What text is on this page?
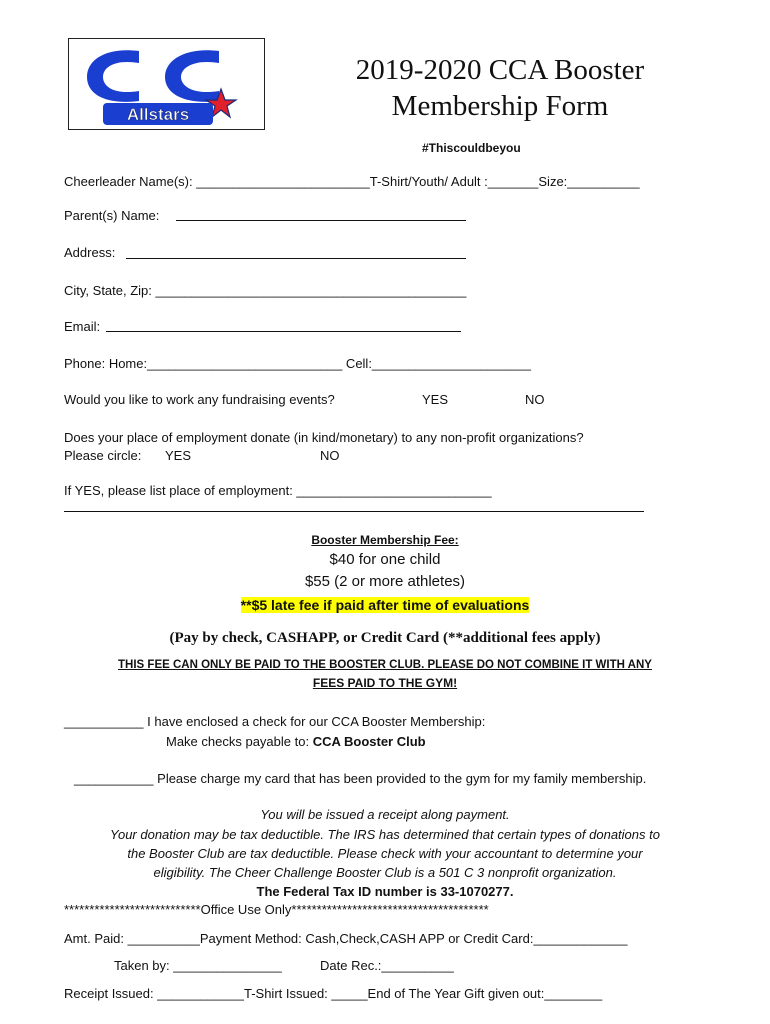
Allstars
2019-2020 CCA Booster
Membership Form
#Thiscouldbeyou
Cheerleader Name(s): ________________________T-Shirt/Youth/ Adult :_______Size:__________
Parent(s) Name:
Address:
City, State, Zip: ___________________________________________
Email:
Phone: Home:___________________________ Cell:______________________
Would you like to work any fundraising events?	YES	NO
Does your place of employment donate (in kind/monetary) to any non-profit organizations?
Please circle: YES	NO
If YES, please list place of employment: ___________________________
Booster Membership Fee:
$40 for one child
$55 (2 or more athletes)
**$5 late fee if paid after time of evaluations
(Pay by check, CASHAPP, or Credit Card (**additional fees apply)
THIS FEE CAN ONLY BE PAID TO THE BOOSTER CLUB. PLEASE DO NOT COMBINE IT WITH ANY
FEES PAID TO THE GYM!
___________ I have enclosed a check for our CCA Booster Membership:
Make checks payable to: CCA Booster Club
___________ Please charge my card that has been provided to the gym for my family membership.
You will be issued a receipt along payment.
Your donation may be tax deductible. The IRS has determined that certain types of donations to
the Booster Club are tax deductible. Please check with your accountant to determine your
eligibility. The Cheer Challenge Booster Club is a 501 C 3 nonprofit organization.
The Federal Tax ID number is 33-1070277.
***************************Office Use Only***************************************
Amt. Paid: __________Payment Method: Cash,Check,CASH APP or Credit Card:_____________
Taken by: _______________	Date Rec.:__________
Receipt Issued: ____________T-Shirt Issued: _____End of The Year Gift given out:________
